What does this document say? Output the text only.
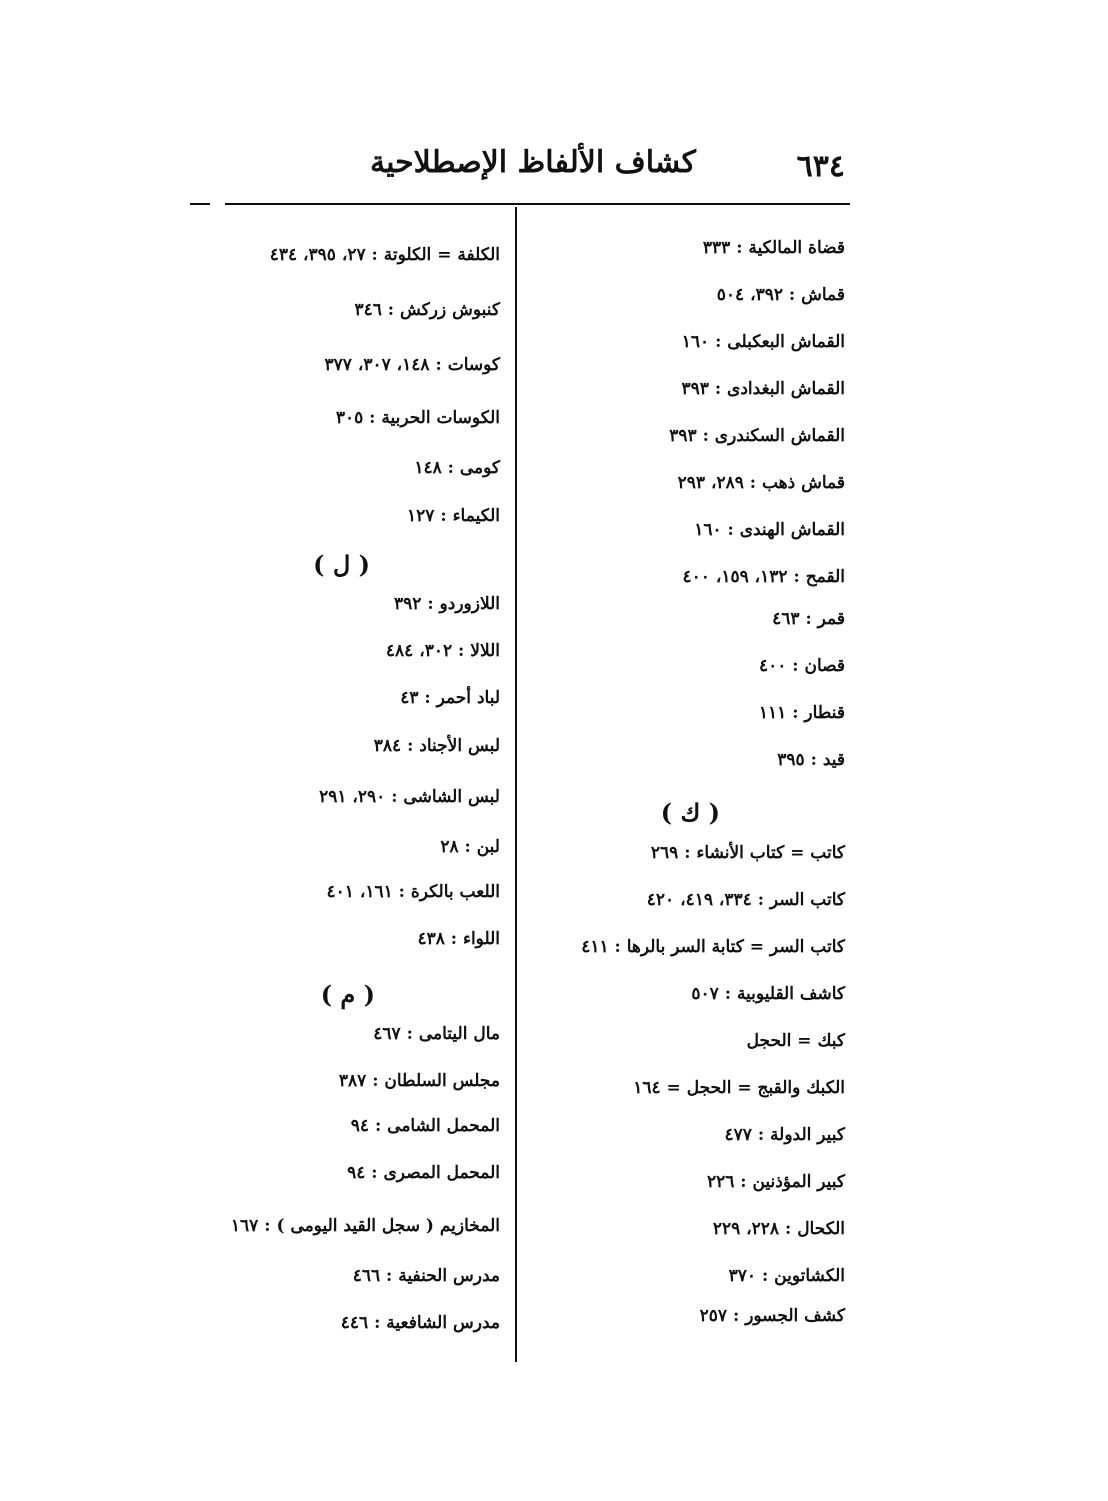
٦٣٤
كشاف الألفاظ الإصطلاحية
قضاة المالكية : ٣٣٣
قماش : ٣٩٢، ٥٠٤
القماش البعكبلى : ١٦٠
القماش البغدادى : ٣٩٣
القماش السكندرى : ٣٩٣
قماش ذهب : ٢٨٩، ٢٩٣
القماش الهندى : ١٦٠
القمح : ١٣٢، ١٥٩، ٤٠٠
قمر : ٤٦٣
قصان : ٤٠٠
قنطار : ١١١
قيد : ٣٩٥
( ك )
كاتب = كتاب الأنشاء : ٢٦٩
كاتب السر : ٣٣٤، ٤١٩، ٤٢٠
كاتب السر = كتابة السر بالرها : ٤١١
كاشف القليوبية : ٥٠٧
كبك = الحجل
الكبك والقبج = الحجل = ١٦٤
كبير الدولة : ٤٧٧
كبير المؤذنين : ٢٢٦
الكحال : ٢٢٨، ٢٢٩
الكشاتوين : ٣٧٠
كشف الجسور : ٢٥٧
الكلفة = الكلوتة : ٢٧، ٣٩٥، ٤٣٤
كنبوش زركش : ٣٤٦
كوسات : ١٤٨، ٣٠٧، ٣٧٧
الكوسات الحربية : ٣٠٥
كومى : ١٤٨
الكيماء : ١٢٧
( ل )
اللازوردو : ٣٩٢
اللالا : ٣٠٢، ٤٨٤
لباد أحمر : ٤٣
لبس الأجناد : ٣٨٤
لبس الشاشى : ٢٩٠، ٢٩١
لبن : ٢٨
اللعب بالكرة : ١٦١، ٤٠١
اللواء : ٤٣٨
( م )
مال اليتامى : ٤٦٧
مجلس السلطان : ٣٨٧
المحمل الشامى : ٩٤
المحمل المصرى : ٩٤
المخازيم ( سجل القيد اليومى ) : ١٦٧
مدرس الحنفية : ٤٦٦
مدرس الشافعية : ٤٤٦
